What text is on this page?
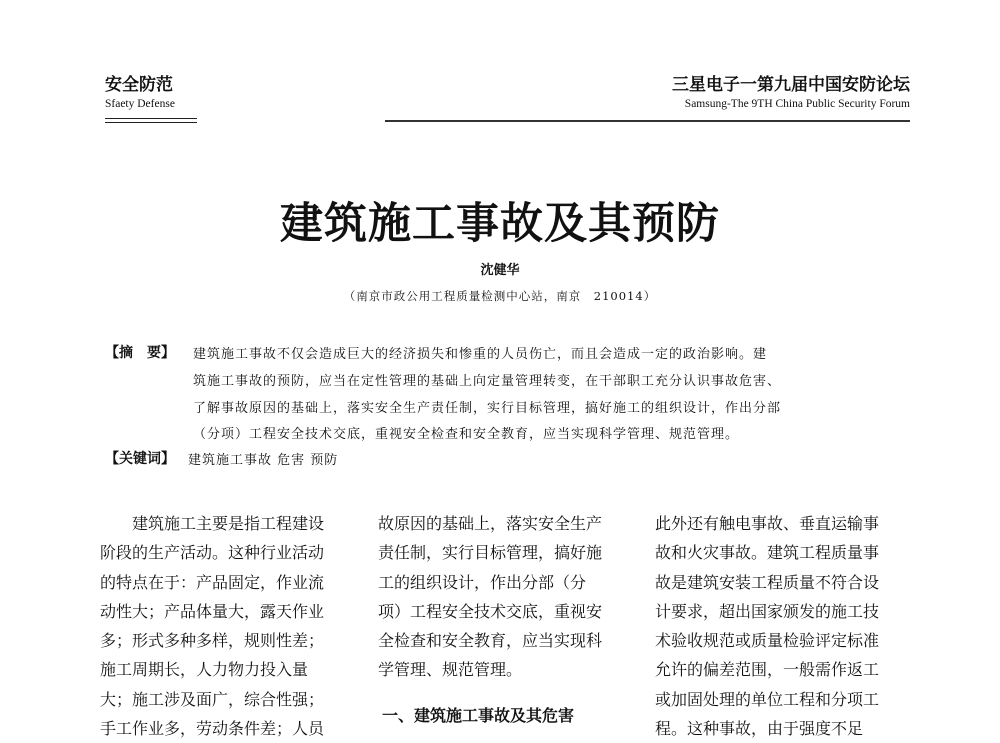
安全防范
Sfaety Defense
三星电子一第九届中国安防论坛
Samsung-The 9TH China Public Security Forum
建筑施工事故及其预防
沈健华
（南京市政公用工程质量检测中心站，南京　210014）
【摘　要】 建筑施工事故不仅会造成巨大的经济损失和惨重的人员伤亡，而且会造成一定的政治影响。建
筑施工事故的预防，应当在定性管理的基础上向定量管理转变，在干部职工充分认识事故危害、
了解事故原因的基础上，落实安全生产责任制，实行目标管理，搞好施工的组织设计，作出分部
（分项）工程安全技术交底，重视安全检查和安全教育，应当实现科学管理、规范管理。
【关键词】 建筑施工事故 危害 预防
　　建筑施工主要是指工程建设
阶段的生产活动。这种行业活动
的特点在于：产品固定，作业流
动性大；产品体量大，露天作业
多；形式多种多样，规则性差；
施工周期长，人力物力投入量
大；施工涉及面广，综合性强；
手工作业多，劳动条件差；人员
故原因的基础上，落实安全生产
责任制，实行目标管理，搞好施
工的组织设计，作出分部（分
项）工程安全技术交底，重视安
全检查和安全教育，应当实现科
学管理、规范管理。
一、建筑施工事故及其危害
此外还有触电事故、垂直运输事
故和火灾事故。建筑工程质量事
故是建筑安装工程质量不符合设
计要求，超出国家颁发的施工技
术验收规范或质量检验评定标准
允许的偏差范围，一般需作返工
或加固处理的单位工程和分项工
程。这种事故，由于强度不足
